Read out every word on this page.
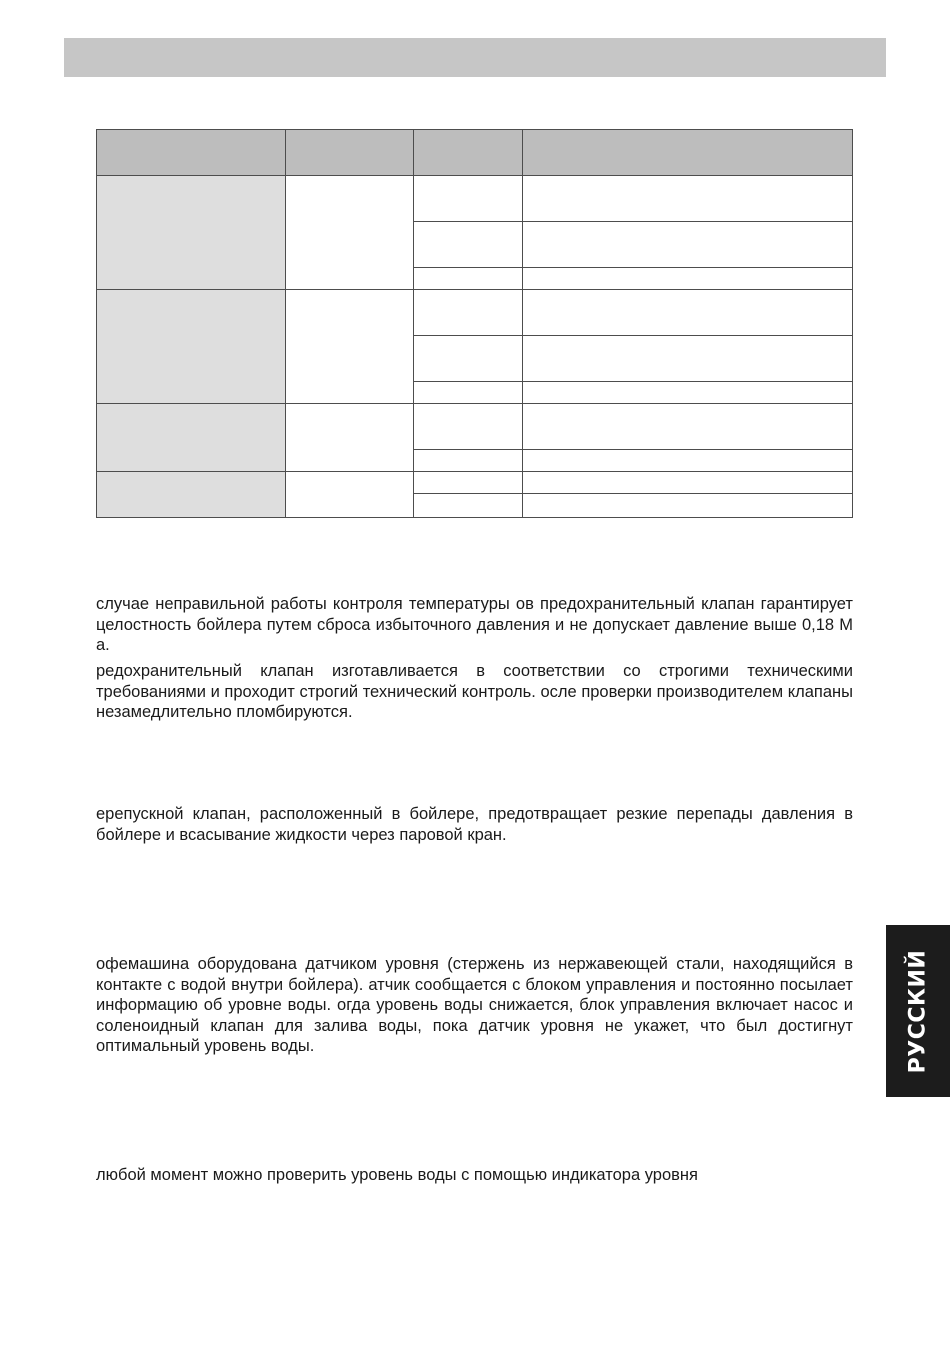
случае неправильной работы контроля температуры ов предохранительный клапан гарантирует целостность бойлера путем сброса избыточного давления и не допускает давление выше 0,18 М а.

редохранительный клапан изготавливается в соответствии со строгими техническими требованиями и проходит строгий технический контроль. осле проверки производителем клапаны незамедлительно пломбируются.

ерепускной клапан, расположенный в бойлере, предотвращает резкие перепады давления в бойлере и всасывание жидкости через паровой кран.

офемашина оборудована датчиком уровня (стержень из нержавеющей стали, находящийся в контакте с водой внутри бойлера). атчик сообщается с блоком управления и постоянно посылает информацию об уровне воды. огда уровень воды снижается, блок управления включает насос и соленоидный клапан для залива воды, пока датчик уровня не укажет, что был достигнут оптимальный уровень воды.

любой момент можно проверить уровень воды с помощью индикатора уровня

РУССКИЙ
